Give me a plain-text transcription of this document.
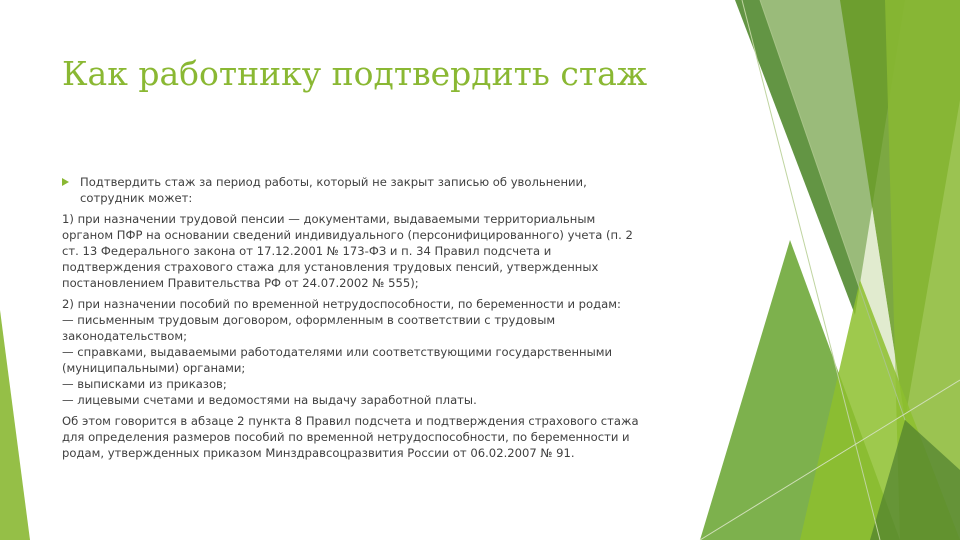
Как работнику подтвердить стаж
Подтвердить стаж за период работы, который не закрыт записью об увольнении,
сотрудник может:
1) при назначении трудовой пенсии — документами, выдаваемыми территориальным
органом ПФР на основании сведений индивидуального (персонифицированного) учета (п. 2
ст. 13 Федерального закона от 17.12.2001 № 173-ФЗ и п. 34 Правил подсчета и
подтверждения страхового стажа для установления трудовых пенсий, утвержденных
постановлением Правительства РФ от 24.07.2002 № 555);
2) при назначении пособий по временной нетрудоспособности, по беременности и родам:
— письменным трудовым договором, оформленным в соответствии с трудовым
законодательством;
— справками, выдаваемыми работодателями или соответствующими государственными
(муниципальными) органами;
— выписками из приказов;
— лицевыми счетами и ведомостями на выдачу заработной платы.
Об этом говорится в абзаце 2 пункта 8 Правил подсчета и подтверждения страхового стажа
для определения размеров пособий по временной нетрудоспособности, по беременности и
родам, утвержденных приказом Минздравсоцразвития России от 06.02.2007 № 91.
